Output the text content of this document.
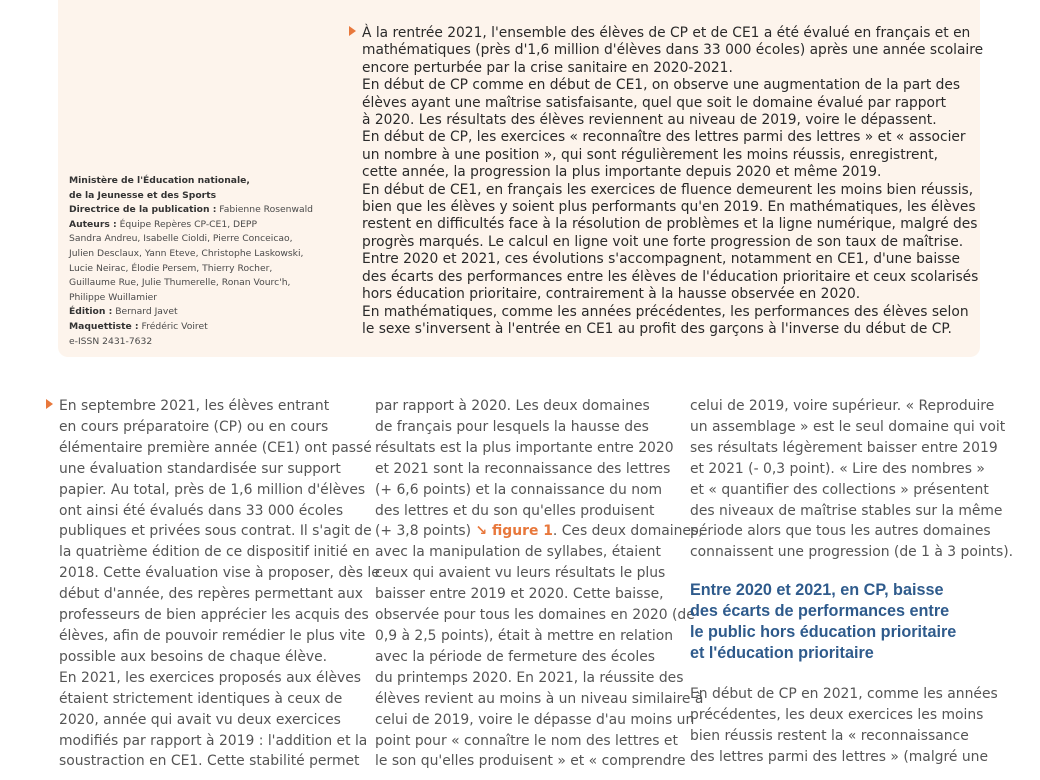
Ministère de l'Éducation nationale,
de la Jeunesse et des Sports
Directrice de la publication : Fabienne Rosenwald
Auteurs : Équipe Repères CP-CE1, DEPP
Sandra Andreu, Isabelle Cioldi, Pierre Conceicao,
Julien Desclaux, Yann Eteve, Christophe Laskowski,
Lucie Neirac, Élodie Persem, Thierry Rocher,
Guillaume Rue, Julie Thumerelle, Ronan Vourc'h,
Philippe Wuillamier
Édition : Bernard Javet
Maquettiste : Frédéric Voiret
e-ISSN 2431-7632
À la rentrée 2021, l'ensemble des élèves de CP et de CE1 a été évalué en français et en
mathématiques (près d'1,6 million d'élèves dans 33 000 écoles) après une année scolaire
encore perturbée par la crise sanitaire en 2020-2021.
En début de CP comme en début de CE1, on observe une augmentation de la part des
élèves ayant une maîtrise satisfaisante, quel que soit le domaine évalué par rapport
à 2020. Les résultats des élèves reviennent au niveau de 2019, voire le dépassent.
En début de CP, les exercices « reconnaître des lettres parmi des lettres » et « associer
un nombre à une position », qui sont régulièrement les moins réussis, enregistrent,
cette année, la progression la plus importante depuis 2020 et même 2019.
En début de CE1, en français les exercices de fluence demeurent les moins bien réussis,
bien que les élèves y soient plus performants qu'en 2019. En mathématiques, les élèves
restent en difficultés face à la résolution de problèmes et la ligne numérique, malgré des
progrès marqués. Le calcul en ligne voit une forte progression de son taux de maîtrise.
Entre 2020 et 2021, ces évolutions s'accompagnent, notamment en CE1, d'une baisse
des écarts des performances entre les élèves de l'éducation prioritaire et ceux scolarisés
hors éducation prioritaire, contrairement à la hausse observée en 2020.
En mathématiques, comme les années précédentes, les performances des élèves selon
le sexe s'inversent à l'entrée en CE1 au profit des garçons à l'inverse du début de CP.
En septembre 2021, les élèves entrant
en cours préparatoire (CP) ou en cours
élémentaire première année (CE1) ont passé
une évaluation standardisée sur support
papier. Au total, près de 1,6 million d'élèves
ont ainsi été évalués dans 33 000 écoles
publiques et privées sous contrat. Il s'agit de
la quatrième édition de ce dispositif initié en
2018. Cette évaluation vise à proposer, dès le
début d'année, des repères permettant aux
professeurs de bien apprécier les acquis des
élèves, afin de pouvoir remédier le plus vite
possible aux besoins de chaque élève.
En 2021, les exercices proposés aux élèves
étaient strictement identiques à ceux de
2020, année qui avait vu deux exercices
modifiés par rapport à 2019 : l'addition et la
soustraction en CE1. Cette stabilité permet
par rapport à 2020. Les deux domaines
de français pour lesquels la hausse des
résultats est la plus importante entre 2020
et 2021 sont la reconnaissance des lettres
(+ 6,6 points) et la connaissance du nom
des lettres et du son qu'elles produisent
(+ 3,8 points) ↘ figure 1. Ces deux domaines,
avec la manipulation de syllabes, étaient
ceux qui avaient vu leurs résultats le plus
baisser entre 2019 et 2020. Cette baisse,
observée pour tous les domaines en 2020 (de
0,9 à 2,5 points), était à mettre en relation
avec la période de fermeture des écoles
du printemps 2020. En 2021, la réussite des
élèves revient au moins à un niveau similaire à
celui de 2019, voire le dépasse d'au moins un
point pour « connaître le nom des lettres et
le son qu'elles produisent » et « comprendre
celui de 2019, voire supérieur. « Reproduire
un assemblage » est le seul domaine qui voit
ses résultats légèrement baisser entre 2019
et 2021 (- 0,3 point). « Lire des nombres »
et « quantifier des collections » présentent
des niveaux de maîtrise stables sur la même
période alors que tous les autres domaines
connaissent une progression (de 1 à 3 points).
Entre 2020 et 2021, en CP, baisse
des écarts de performances entre
le public hors éducation prioritaire
et l'éducation prioritaire
En début de CP en 2021, comme les années
précédentes, les deux exercices les moins
bien réussis restent la « reconnaissance
des lettres parmi des lettres » (malgré une
